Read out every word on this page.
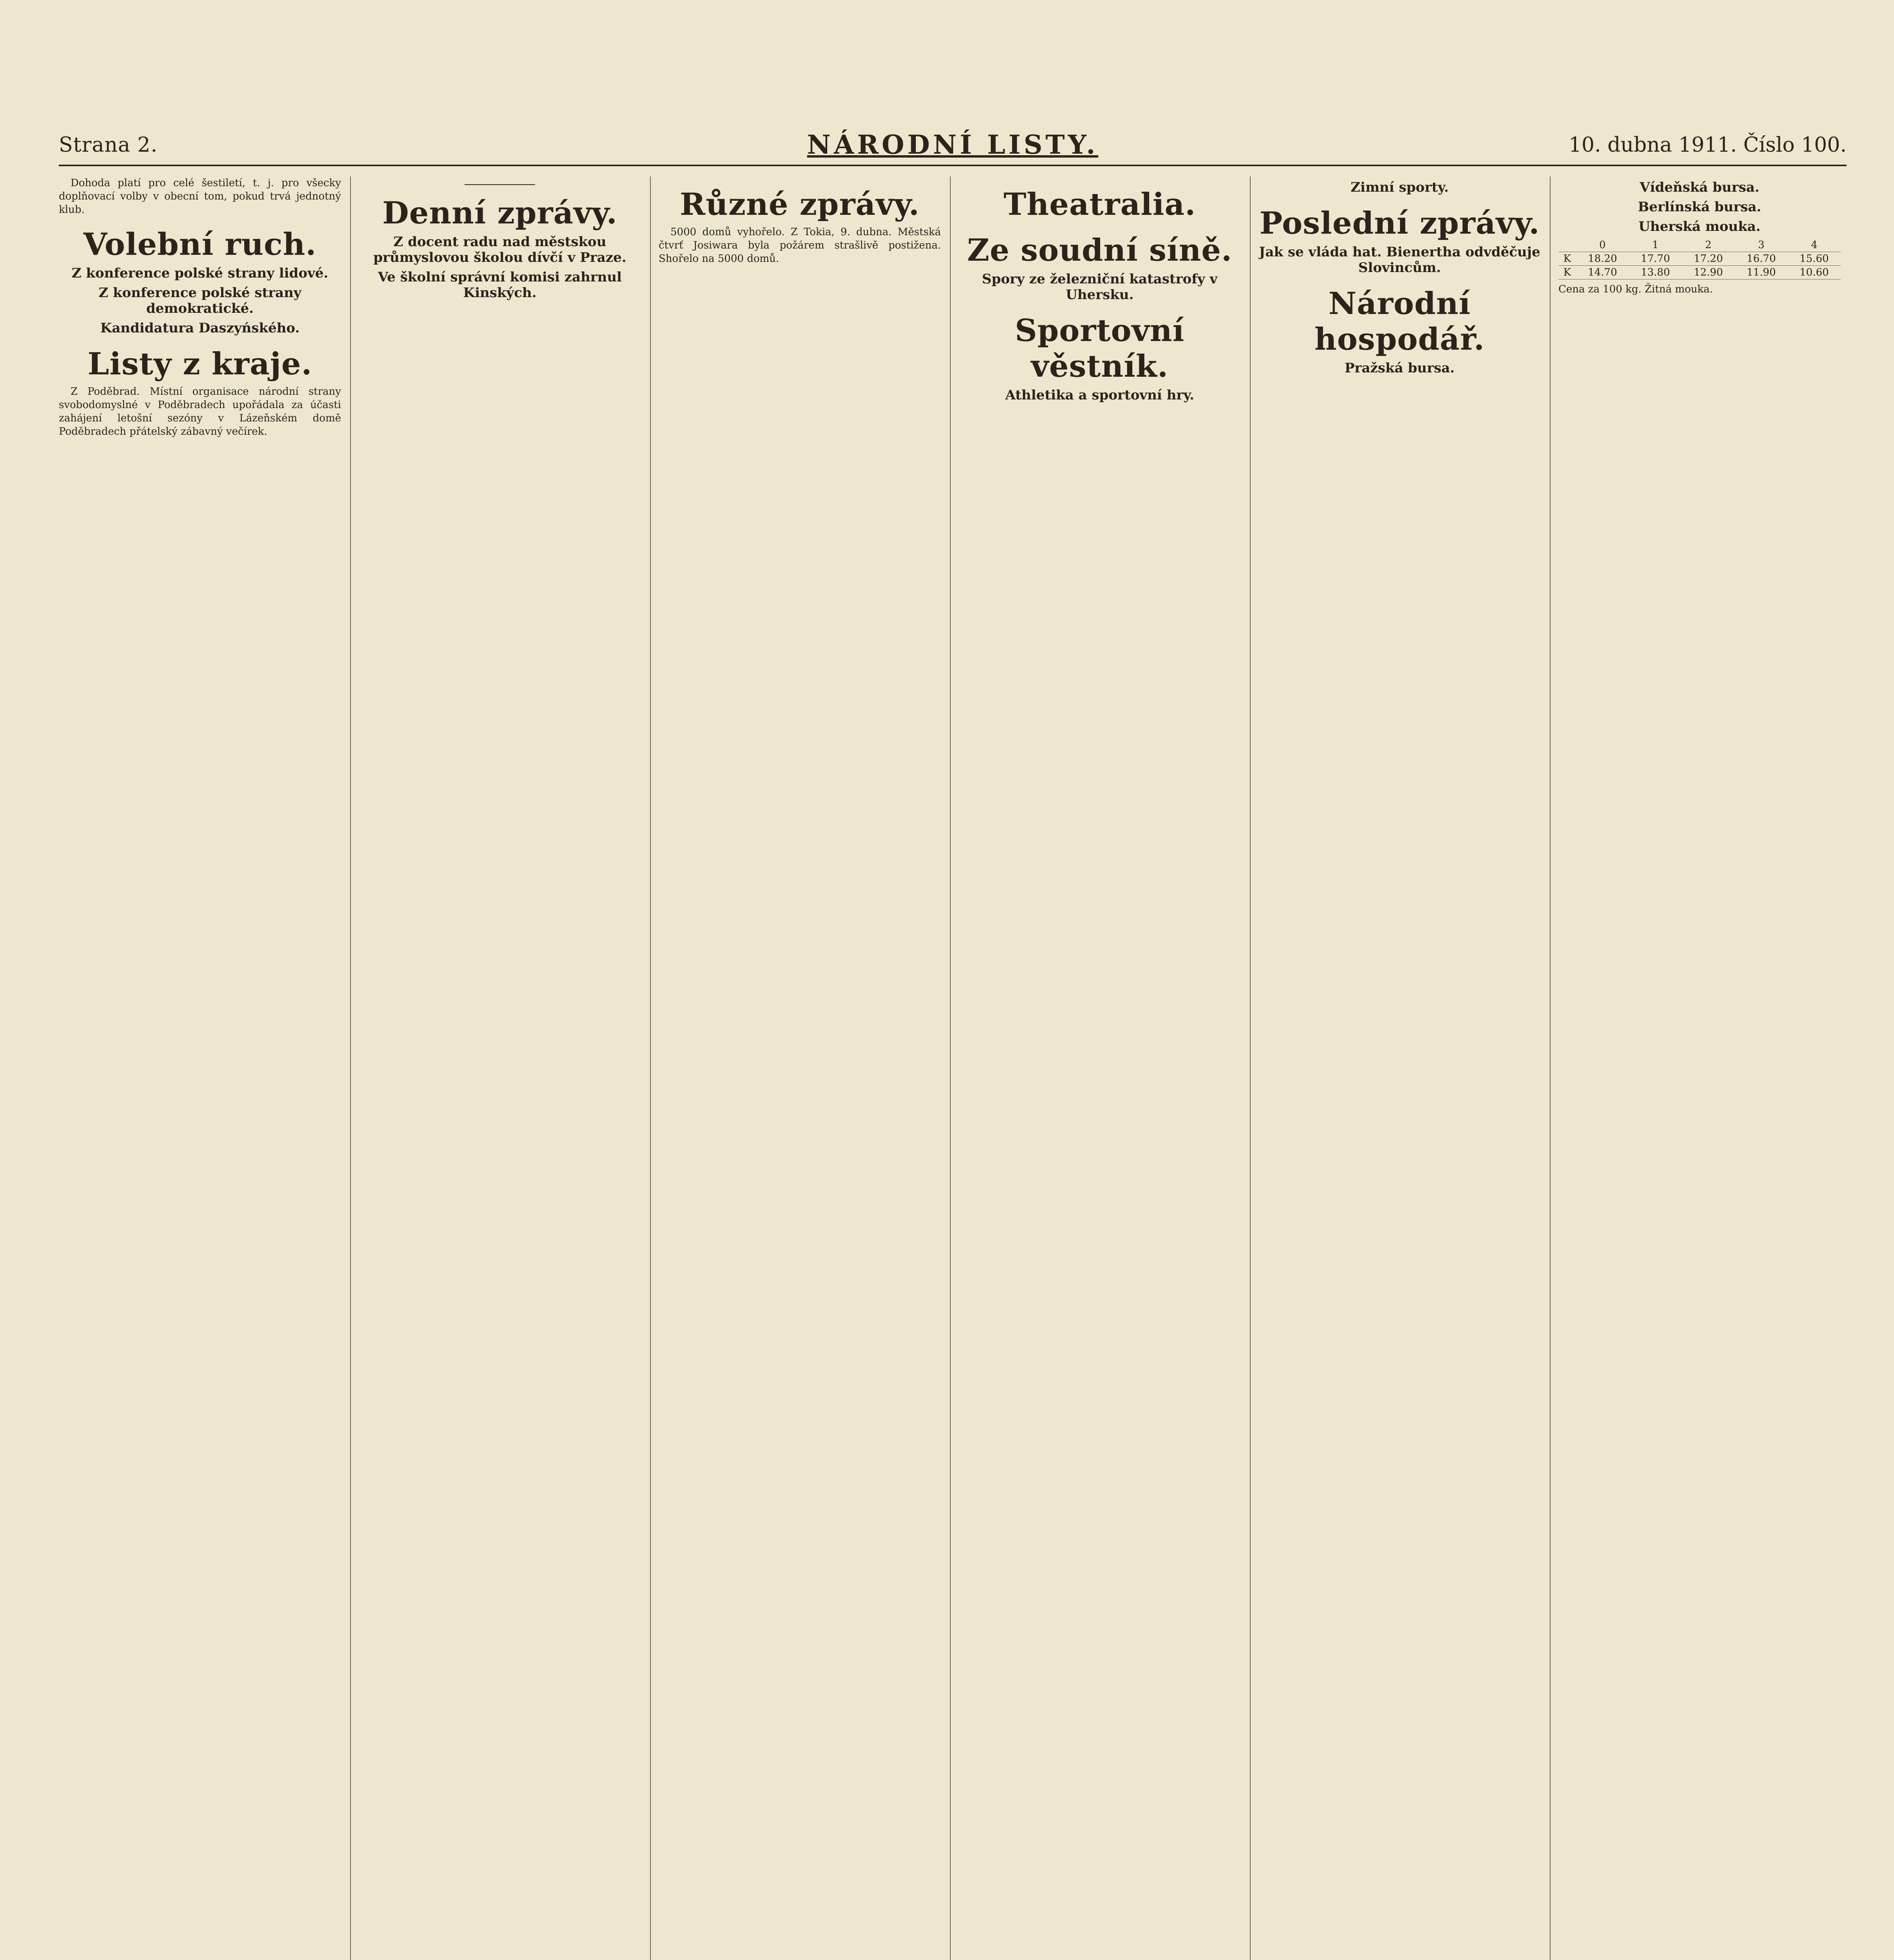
Strana 2.	NÁRODNÍ LISTY.	10. dubna 1911. Číslo 100.

Dohoda platí pro celé šestiletí, t. j. pro všecky doplňovací volby v obecní tom, pokud trvá jednotný klub.

Volební ruch.
Z konference polské strany lidové.
Z konference polské strany demokratické.
Kandidatura Daszyńského.
Listy z kraje.

Z Poděbrad. Místní organisace národní strany svobodomyslné v Poděbradech upořádala za účasti zahájení letošní sezóny v Lázeňském domě Poděbradech přátelský zábavný večírek.

Denní zprávy.
Z docent radu nad městskou průmyslovou školou dívčí v Praze.
Ve školní správní komisi zahrnul Kinských.
Různé zprávy.

5000 domů vyhořelo. Z Tokia, 9. dubna. Městská čtvrť Josiwara byla požárem strašlivě postižena. Shořelo na 5000 domů.

Theatralia.
Ze soudní síně.
Spory ze železniční katastrofy v Uhersku.
Sportovní věstník.
Athletika a sportovní hry.
Zimní sporty.
Poslední zprávy.
Jak se vláda hat. Bienertha odvděčuje Slovincům.
Národní hospodář.
Pražská bursa.
Vídeňská bursa.
Berlínská bursa.
Uherská mouka.
	0	1	2	3	4
K	18.20	17.70	17.20	16.70	15.60
K	14.70	13.80	12.90	11.90	10.60
Cena za 100 kg. Žitná mouka.
